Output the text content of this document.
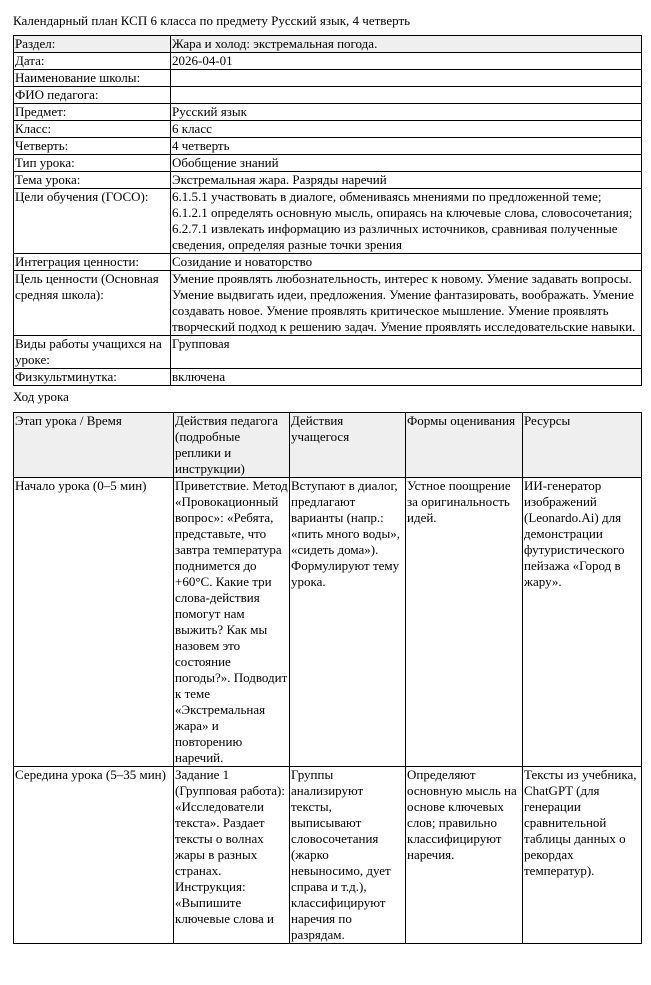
Календарный план КСП 6 класса по предмету Русский язык, 4 четверть
Раздел:	Жара и холод: экстремальная погода.
Дата:	2026-04-01
Наименование школы:	
ФИО педагога:	
Предмет:	Русский язык
Класс:	6 класс
Четверть:	4 четверть
Тип урока:	Обобщение знаний
Тема урока:	Экстремальная жара. Разряды наречий
Цели обучения (ГОСО):	6.1.5.1 участвовать в диалоге, обмениваясь мнениями по предложенной теме; 6.1.2.1 определять основную мысль, опираясь на ключевые слова, словосочетания; 6.2.7.1 извлекать информацию из различных источников, сравнивая полученные сведения, определяя разные точки зрения
Интеграция ценности:	Созидание и новаторство
Цель ценности (Основная средняя школа):	Умение проявлять любознательность, интерес к новому. Умение задавать вопросы. Умение выдвигать идеи, предложения. Умение фантазировать, воображать. Умение создавать новое. Умение проявлять критическое мышление. Умение проявлять творческий подход к решению задач. Умение проявлять исследовательские навыки.
Виды работы учащихся на уроке:	Групповая
Физкультминутка:	включена
Ход урока
Этап урока / Время	Действия педагога (подробные реплики и инструкции)	Действия учащегося	Формы оценивания	Ресурсы
Начало урока (0–5 мин)	Приветствие. Метод «Провокационный вопрос»: «Ребята, представьте, что завтра температура поднимется до +60°C. Какие три слова-действия помогут нам выжить? Как мы назовем это состояние погоды?». Подводит к теме «Экстремальная жара» и повторению наречий.	Вступают в диалог, предлагают варианты (напр.: «пить много воды», «сидеть дома»). Формулируют тему урока.	Устное поощрение за оригинальность идей.	ИИ-генератор изображений (Leonardo.Ai) для демонстрации футуристического пейзажа «Город в жару».
Середина урока (5–35 мин)	Задание 1 (Групповая работа): «Исследователи текста». Раздает тексты о волнах жары в разных странах. Инструкция: «Выпишите ключевые слова и	Группы анализируют тексты, выписывают словосочетания (жарко невыносимо, дует справа и т.д.), классифицируют наречия по разрядам.	Определяют основную мысль на основе ключевых слов; правильно классифицируют наречия.	Тексты из учебника, ChatGPT (для генерации сравнительной таблицы данных о рекордах температур).
